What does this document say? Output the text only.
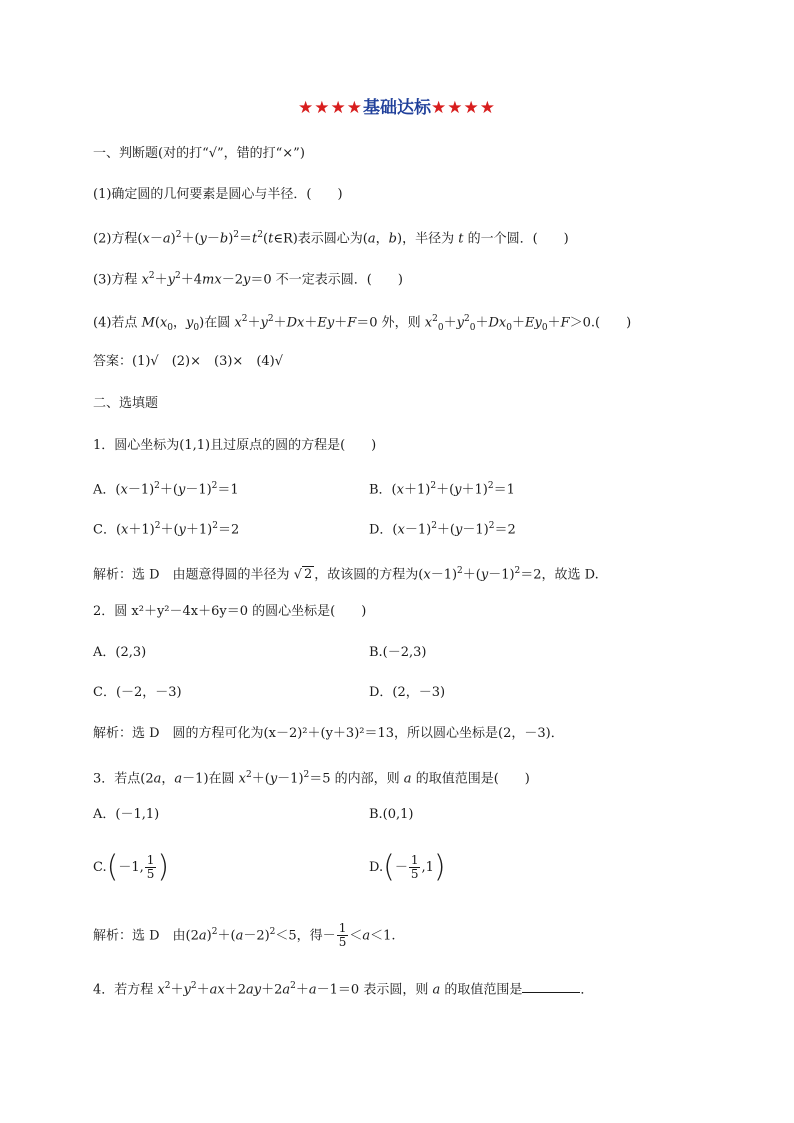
★★★★基础达标★★★★
一、判断题(对的打“√”，错的打“×”)
(1)确定圆的几何要素是圆心与半径．(　　)
(2)方程$(x-a)^2+(y-b)^2=t^2(t\in R)$表示圆心为(a，b)，半径为 t 的一个圆．(　　)
(3)方程 $x^2+y^2+4mx-2y=0$ 不一定表示圆．(　　)
(4)若点 $M(x_0$，$y_0$)在圆 $x^2+y^2+Dx+Ey+F=0$ 外，则 $x^2_0+y^2_0+Dx_0+Ey_0+F>0$.(　　)
答案：(1)√　(2)×　(3)×　(4)√
二、选填题
1．圆心坐标为(1,1)且过原点的圆的方程是(　　)
A．$(x-1)^2+(y-1)^2=1$	B．$(x+1)^2+(y+1)^2=1$
C．$(x+1)^2+(y+1)^2=2$	D．$(x-1)^2+(y-1)^2=2$
解析：选 D　由题意得圆的半径为 √ 2 ，故该圆的方程为$(x-1)^2+(y-1)^2=2$，故选 D.
2．圆 x²＋y²－4x＋6y＝0 的圆心坐标是(　　)
A．(2,3)	B.(－2,3)
C．(－2，－3)	D．(2，－3)
解析：选 D　圆的方程可化为(x－2)²＋(y＋3)²＝13，所以圆心坐标是(2，－3)．
3．若点(2a，a－1)在圆 $x^2+(y-1)^2=5$ 的内部，则 a 的取值范围是(　　)
A．(－1,1)	B.(0,1)
C.(－1, $\frac{1}{5}$ )	$D.(- \frac{1}{5} ,1)$
解析：选 D　由$(2a)^2+(a-2)^2<5$，得－ $\frac{1}{5} <a<1$.
4．若方程 $x^2+y^2+ax+2ay+2a^2+a-1=0$ 表示圆，则 a 的取值范围是	．
